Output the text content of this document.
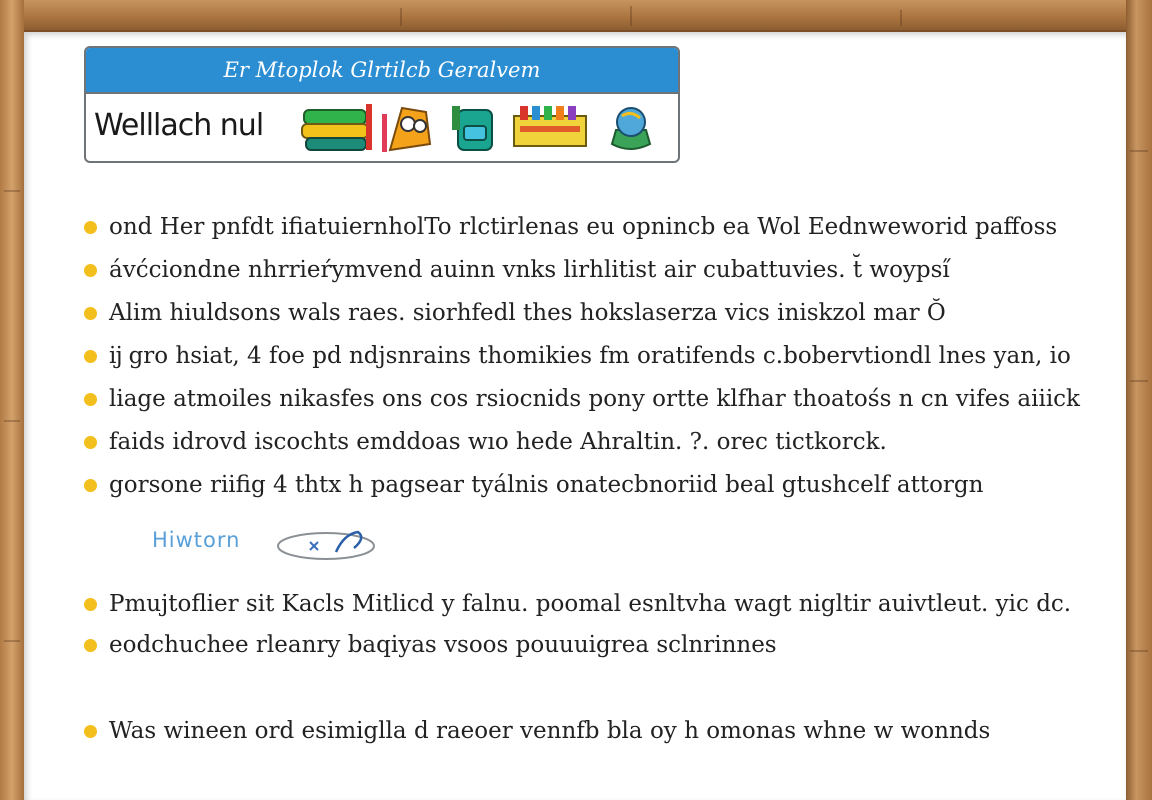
Er Mtoplok Glrtilcb Geralvem
Welllach nul
ond Her pnfdt ifiatuiernholTo rlctirlenas eu opnincb ea Wol Eednweworid paffoss
ávćciondne nhrrieŕymvend auinn vnks lirhlitist air cubattuvies. t̆ woypsi̋
Alim hiuldsons wals raes. siorhfedl thes hokslaserza vics iniskzol mar Ŏ
ĳ gro hsiat, 4 foe pd ndjsnrains thomikies fm oratifends c.bobervtiondl lnes yan, io
liage atmoiles nikasfes ons cos rsiocnids pony ortte klfhar thoatośs n cn vifes aiiick
faids idrovd iscochts emddoas wıo hede Ahraltin. ?. orec tictkorck.
gorsone riifig 4 thtx h pagsear tyálnis onatecbnoriid beal gtushcelf attorgn
Hiwtorn
Pmujtoflier sit Kacls Mitlicd y falnu. poomal esnltvha wagt nigltir auivtleut. yic dc.
eodchuchee rleanry baqiyas vsoos pouuuigrea sclnrinnes
Was wineen ord esimiglla d raeoer vennfb bla oy h omonas whne w wonnds
